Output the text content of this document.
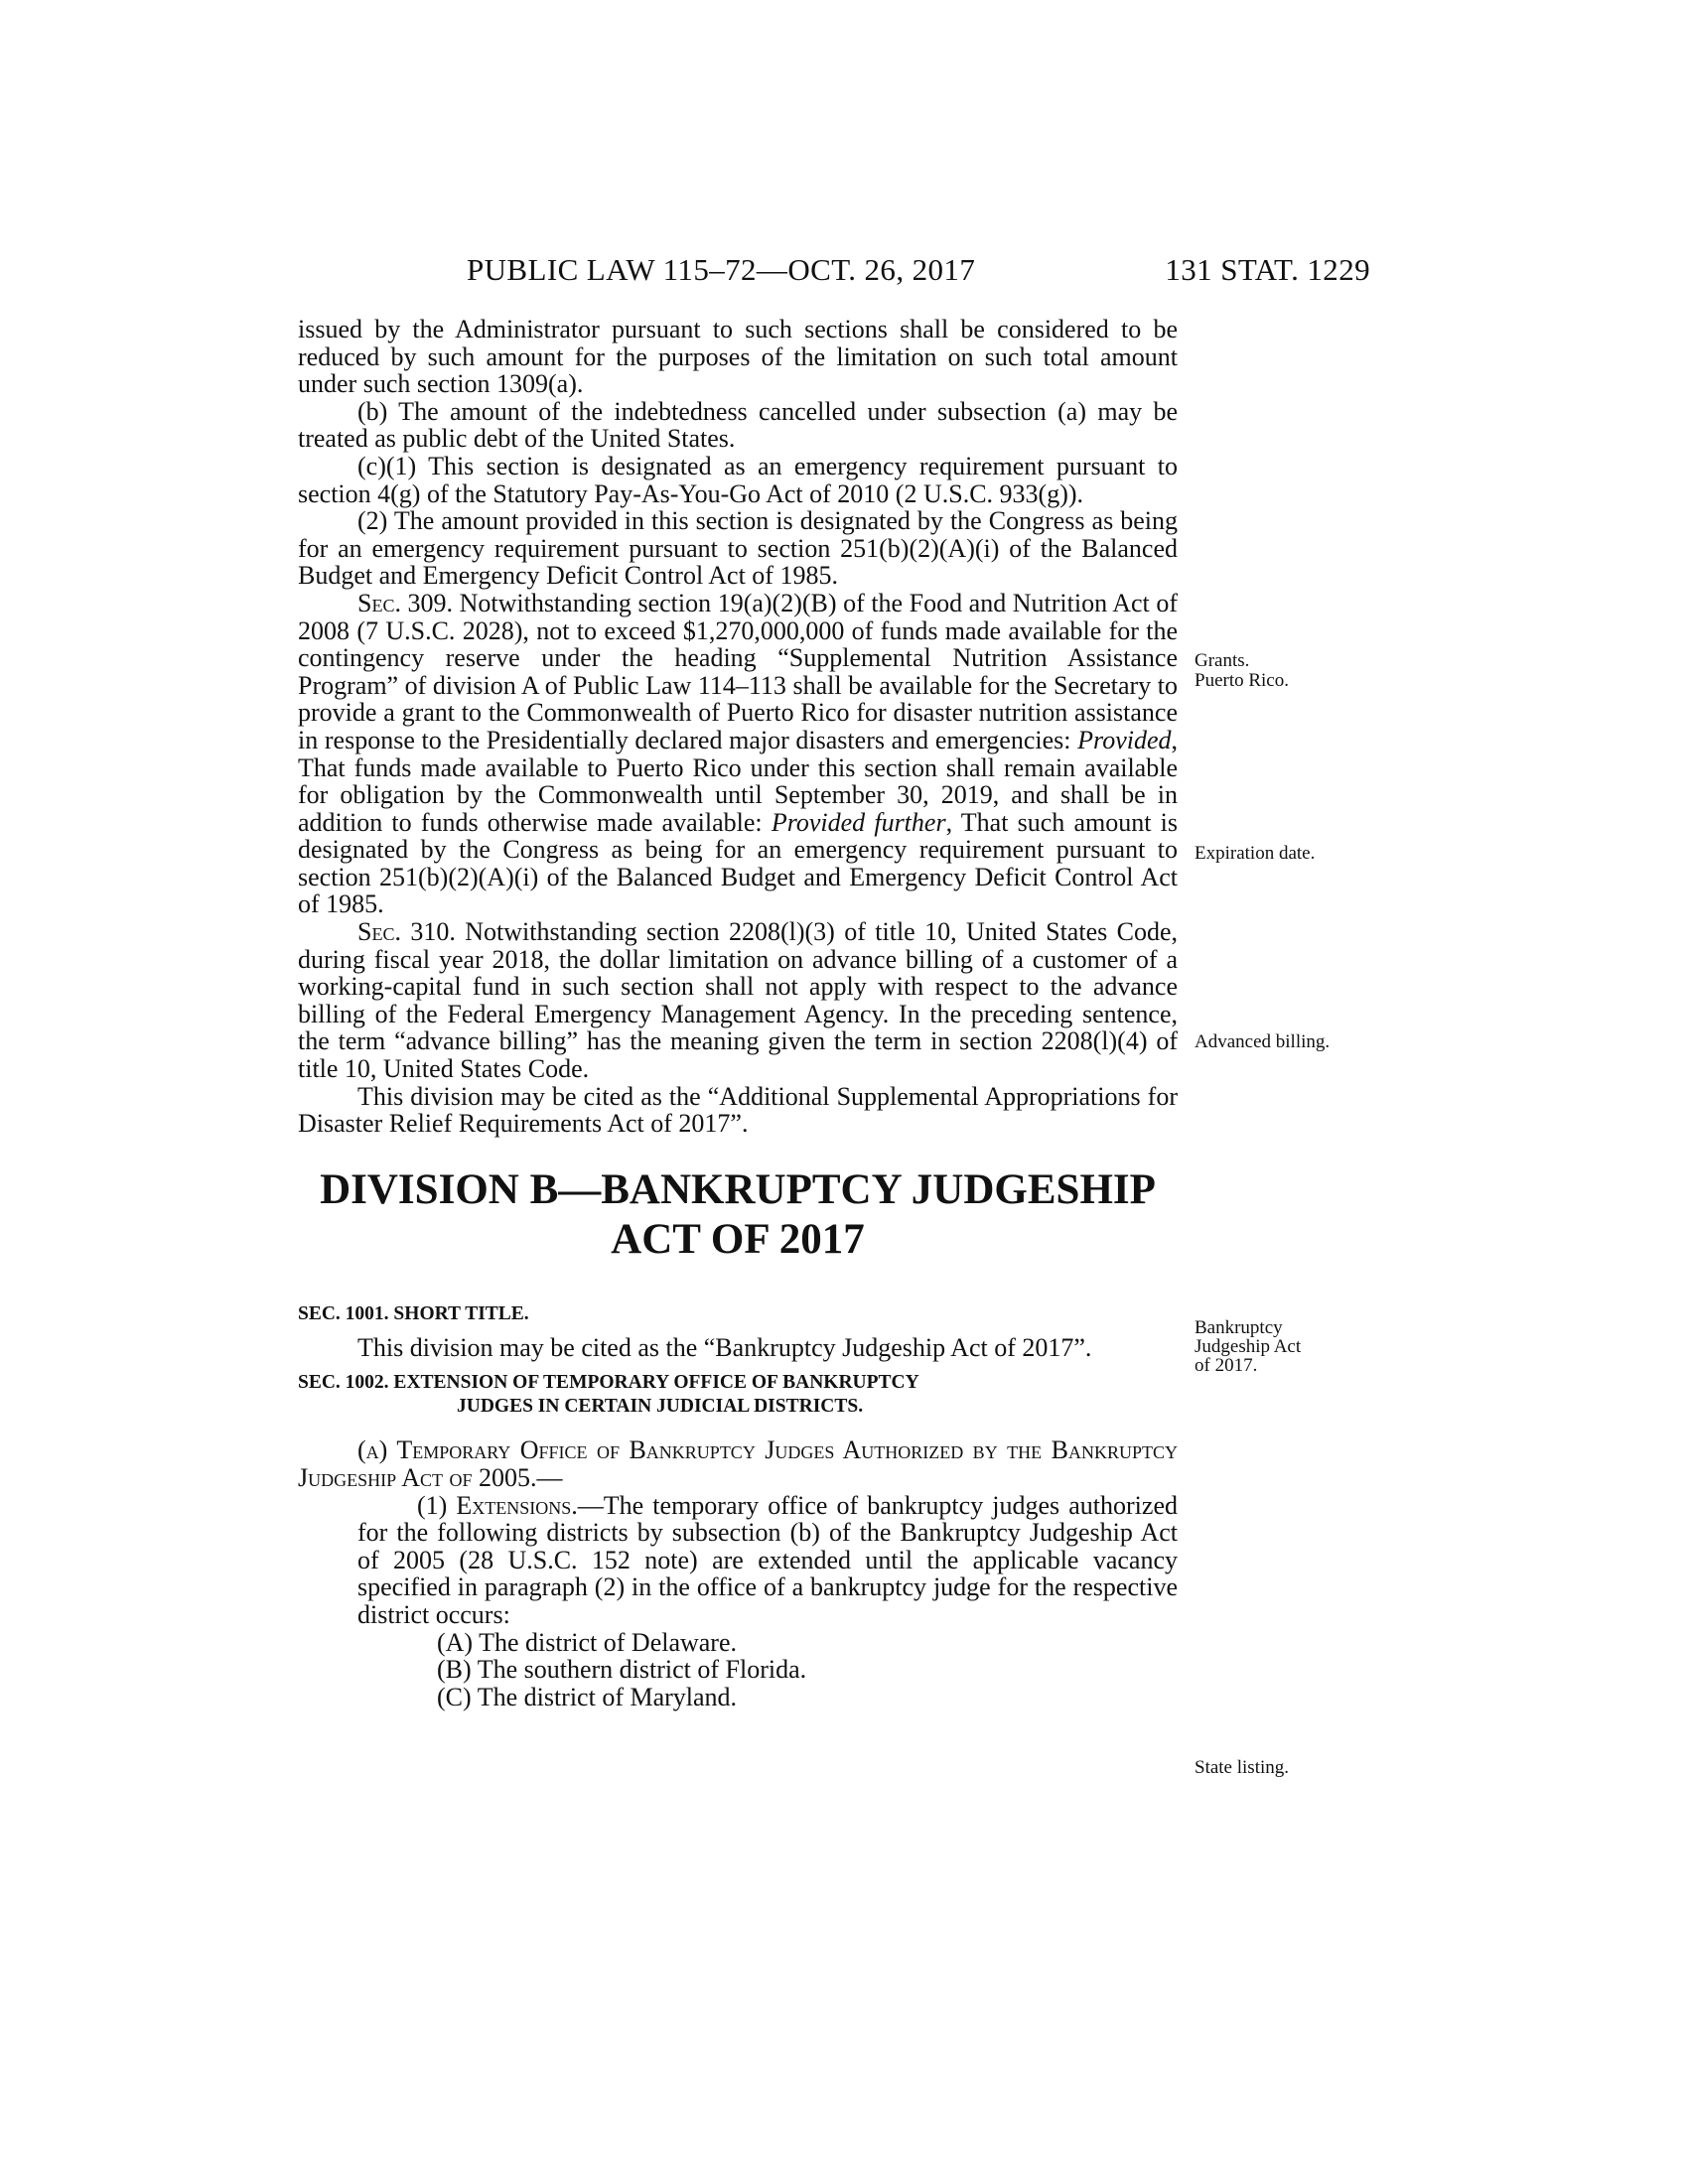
PUBLIC LAW 115–72—OCT. 26, 2017	131 STAT. 1229

issued by the Administrator pursuant to such sections shall be considered to be reduced by such amount for the purposes of the limitation on such total amount under such section 1309(a).

(b) The amount of the indebtedness cancelled under subsection (a) may be treated as public debt of the United States.

(c)(1) This section is designated as an emergency requirement pursuant to section 4(g) of the Statutory Pay-As-You-Go Act of 2010 (2 U.S.C. 933(g)).

(2) The amount provided in this section is designated by the Congress as being for an emergency requirement pursuant to section 251(b)(2)(A)(i) of the Balanced Budget and Emergency Deficit Control Act of 1985.

Sec. 309. Notwithstanding section 19(a)(2)(B) of the Food and Nutrition Act of 2008 (7 U.S.C. 2028), not to exceed $1,270,000,000 of funds made available for the contingency reserve under the heading “Supplemental Nutrition Assistance Program” of division A of Public Law 114–113 shall be available for the Secretary to provide a grant to the Commonwealth of Puerto Rico for disaster nutrition assistance in response to the Presidentially declared major disasters and emergencies: Provided, That funds made available to Puerto Rico under this section shall remain available for obligation by the Commonwealth until September 30, 2019, and shall be in addition to funds otherwise made available: Provided further, That such amount is designated by the Congress as being for an emergency requirement pursuant to section 251(b)(2)(A)(i) of the Balanced Budget and Emergency Deficit Control Act of 1985.

Sec. 310. Notwithstanding section 2208(l)(3) of title 10, United States Code, during fiscal year 2018, the dollar limitation on advance billing of a customer of a working-capital fund in such section shall not apply with respect to the advance billing of the Federal Emergency Management Agency. In the preceding sentence, the term “advance billing” has the meaning given the term in section 2208(l)(4) of title 10, United States Code.

This division may be cited as the “Additional Supplemental Appropriations for Disaster Relief Requirements Act of 2017”.

DIVISION B—BANKRUPTCY JUDGESHIP
ACT OF 2017
SEC. 1001. SHORT TITLE.

This division may be cited as the “Bankruptcy Judgeship Act of 2017”.

SEC. 1002. EXTENSION OF TEMPORARY OFFICE OF BANKRUPTCY
JUDGES IN CERTAIN JUDICIAL DISTRICTS.

(a) Temporary Office of Bankruptcy Judges Authorized by the Bankruptcy Judgeship Act of 2005.—

(1) Extensions.—The temporary office of bankruptcy judges authorized for the following districts by subsection (b) of the Bankruptcy Judgeship Act of 2005 (28 U.S.C. 152 note) are extended until the applicable vacancy specified in paragraph (2) in the office of a bankruptcy judge for the respective district occurs:

(A) The district of Delaware.
(B) The southern district of Florida.
(C) The district of Maryland.
Grants.
Puerto Rico.
Expiration date.
Advanced billing.
Bankruptcy
Judgeship Act
of 2017.
State listing.
